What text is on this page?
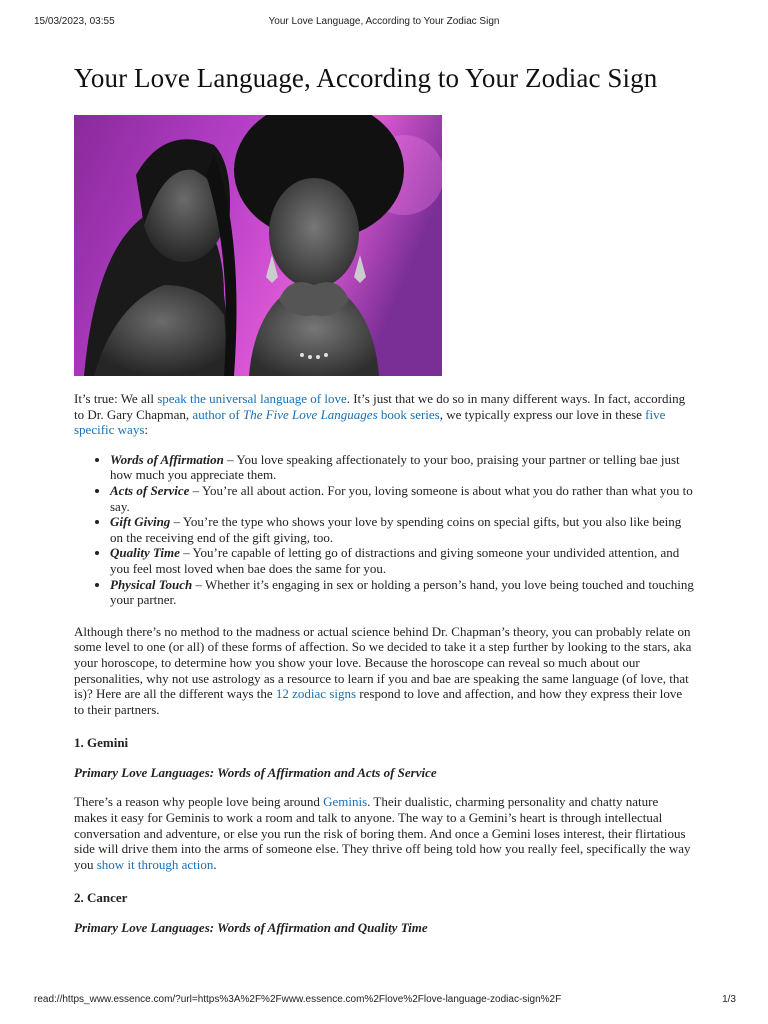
15/03/2023, 03:55	Your Love Language, According to Your Zodiac Sign
Your Love Language, According to Your Zodiac Sign

It’s true: We all speak the universal language of love. It’s just that we do so in many different ways. In fact, according to Dr. Gary Chapman, author of The Five Love Languages book series, we typically express our love in these five specific ways:

• Words of Affirmation – You love speaking affectionately to your boo, praising your partner or telling bae just how much you appreciate them.
• Acts of Service – You’re all about action. For you, loving someone is about what you do rather than what you to say.
• Gift Giving – You’re the type who shows your love by spending coins on special gifts, but you also like being on the receiving end of the gift giving, too.
• Quality Time – You’re capable of letting go of distractions and giving someone your undivided attention, and you feel most loved when bae does the same for you.
• Physical Touch – Whether it’s engaging in sex or holding a person’s hand, you love being touched and touching your partner.

Although there’s no method to the madness or actual science behind Dr. Chapman’s theory, you can probably relate on some level to one (or all) of these forms of affection. So we decided to take it a step further by looking to the stars, aka your horoscope, to determine how you show your love. Because the horoscope can reveal so much about our personalities, why not use astrology as a resource to learn if you and bae are speaking the same language (of love, that is)? Here are all the different ways the 12 zodiac signs respond to love and affection, and how they express their love to their partners.

1. Gemini
Primary Love Languages: Words of Affirmation and Acts of Service

There’s a reason why people love being around Geminis. Their dualistic, charming personality and chatty nature makes it easy for Geminis to work a room and talk to anyone. The way to a Gemini’s heart is through intellectual conversation and adventure, or else you run the risk of boring them. And once a Gemini loses interest, their flirtatious side will drive them into the arms of someone else. They thrive off being told how you really feel, specifically the way you show it through action.

2. Cancer
Primary Love Languages: Words of Affirmation and Quality Time
read://https_www.essence.com/?url=https%3A%2F%2Fwww.essence.com%2Flove%2Flove-language-zodiac-sign%2F	1/3
